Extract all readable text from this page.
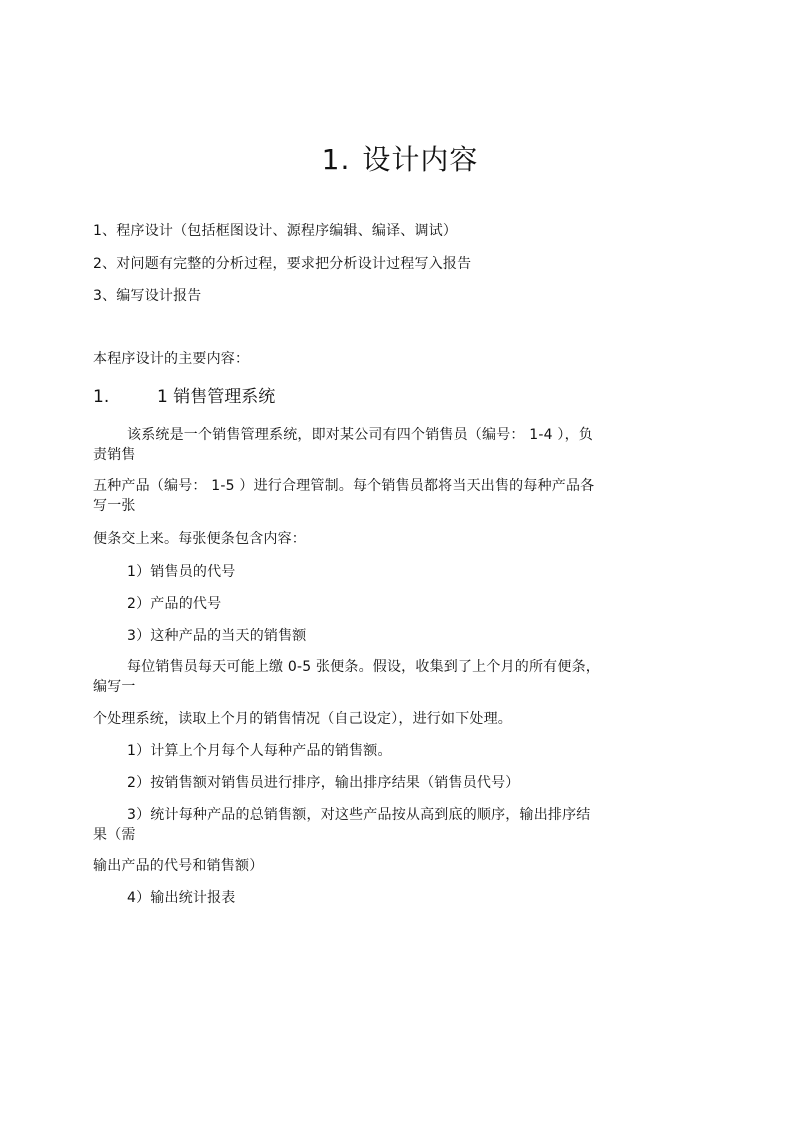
1. 设计内容
1、程序设计（包括框图设计、源程序编辑、编译、调试）
2、对问题有完整的分析过程，要求把分析设计过程写入报告
3、编写设计报告
本程序设计的主要内容：
1.	1 销售管理系统
该系统是一个销售管理系统，即对某公司有四个销售员（编号： 1-4 ），负
责销售
五种产品（编号： 1-5 ）进行合理管制。每个销售员都将当天出售的每种产品各
写一张
便条交上来。每张便条包含内容：
1）销售员的代号
2）产品的代号
3）这种产品的当天的销售额
每位销售员每天可能上缴 0-5 张便条。假设，收集到了上个月的所有便条，
编写一
个处理系统，读取上个月的销售情况（自己设定），进行如下处理。
1）计算上个月每个人每种产品的销售额。
2）按销售额对销售员进行排序，输出排序结果（销售员代号）
3）统计每种产品的总销售额，对这些产品按从高到底的顺序，输出排序结
果（需
输出产品的代号和销售额）
4）输出统计报表
